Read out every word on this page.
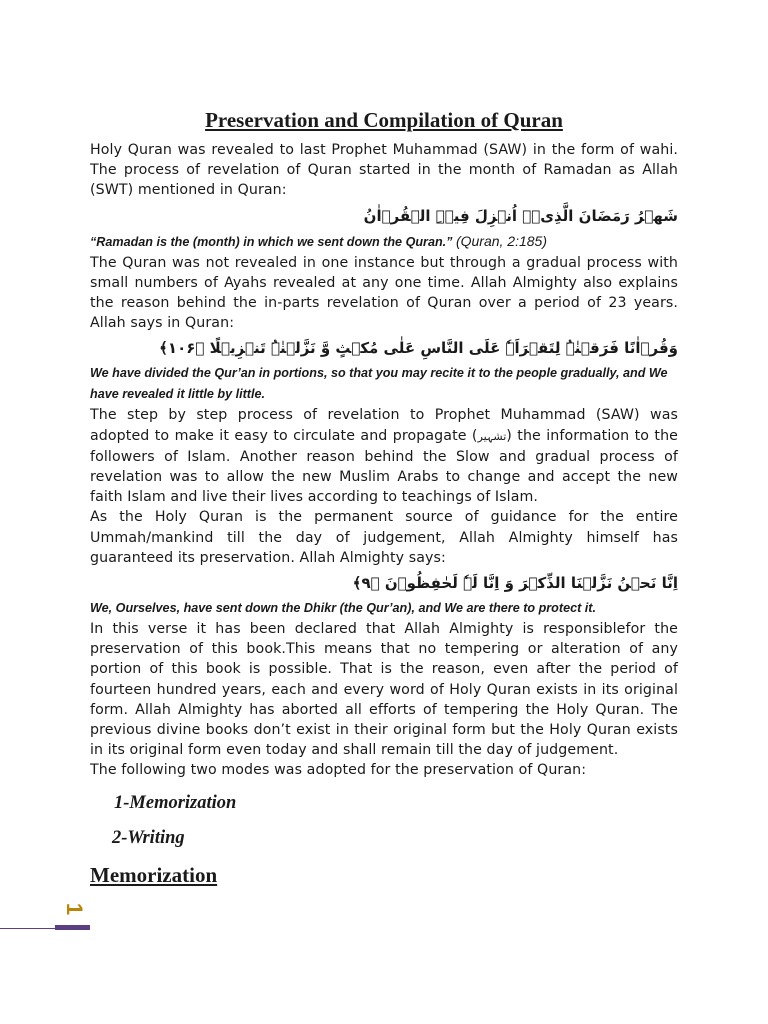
Preservation and Compilation of Quran

Holy Quran was revealed to last Prophet Muhammad (SAW) in the form of wahi. The process of revelation of Quran started in the month of Ramadan as Allah (SWT) mentioned in Quran:

شَهۡرُ رَمَضَانَ الَّذِیۡۤ اُنۡزِلَ فِیۡہِ الۡقُرۡاٰنُ

“Ramadan is the (month) in which we sent down the Quran.” (Quran, 2:185)

The Quran was not revealed in one instance but through a gradual process with small numbers of Ayahs revealed at any one time. Allah Almighty also explains the reason behind the in-parts revelation of Quran over a period of 23 years. Allah says in Quran:

وَقُرۡاٰنًا فَرَقۡنٰہُ لِتَقۡرَاَہٗ عَلَی النَّاسِ عَلٰی مُکۡثٍ وَّ نَزَّلۡنٰہُ تَنۡزِیۡلًا ﴿۱۰۶﴾

We have divided the Qur’an in portions, so that you may recite it to the people gradually, and We have revealed it little by little.

The step by step process of revelation to Prophet Muhammad (SAW) was adopted to make it easy to circulate and propagate (تشہیر) the information to the followers of Islam. Another reason behind the Slow and gradual process of revelation was to allow the new Muslim Arabs to change and accept the new faith Islam and live their lives according to teachings of Islam.

As the Holy Quran is the permanent source of guidance for the entire Ummah/mankind till the day of judgement, Allah Almighty himself has guaranteed its preservation. Allah Almighty says:

اِنَّا نَحۡنُ نَزَّلۡنَا الذِّکۡرَ وَ اِنَّا لَہٗ لَحٰفِظُوۡنَ ﴿۹﴾

We, Ourselves, have sent down the Dhikr (the Qur’an), and We are there to protect it.

In this verse it has been declared that Allah Almighty is responsiblefor the preservation of this book.This means that no tempering or alteration of any portion of this book is possible. That is the reason, even after the period of fourteen hundred years, each and every word of Holy Quran exists in its original form. Allah Almighty has aborted all efforts of tempering the Holy Quran. The previous divine books don’t exist in their original form but the Holy Quran exists in its original form even today and shall remain till the day of judgement.

The following two modes was adopted for the preservation of Quran:

1-Memorization

2-Writing

Memorization
1
